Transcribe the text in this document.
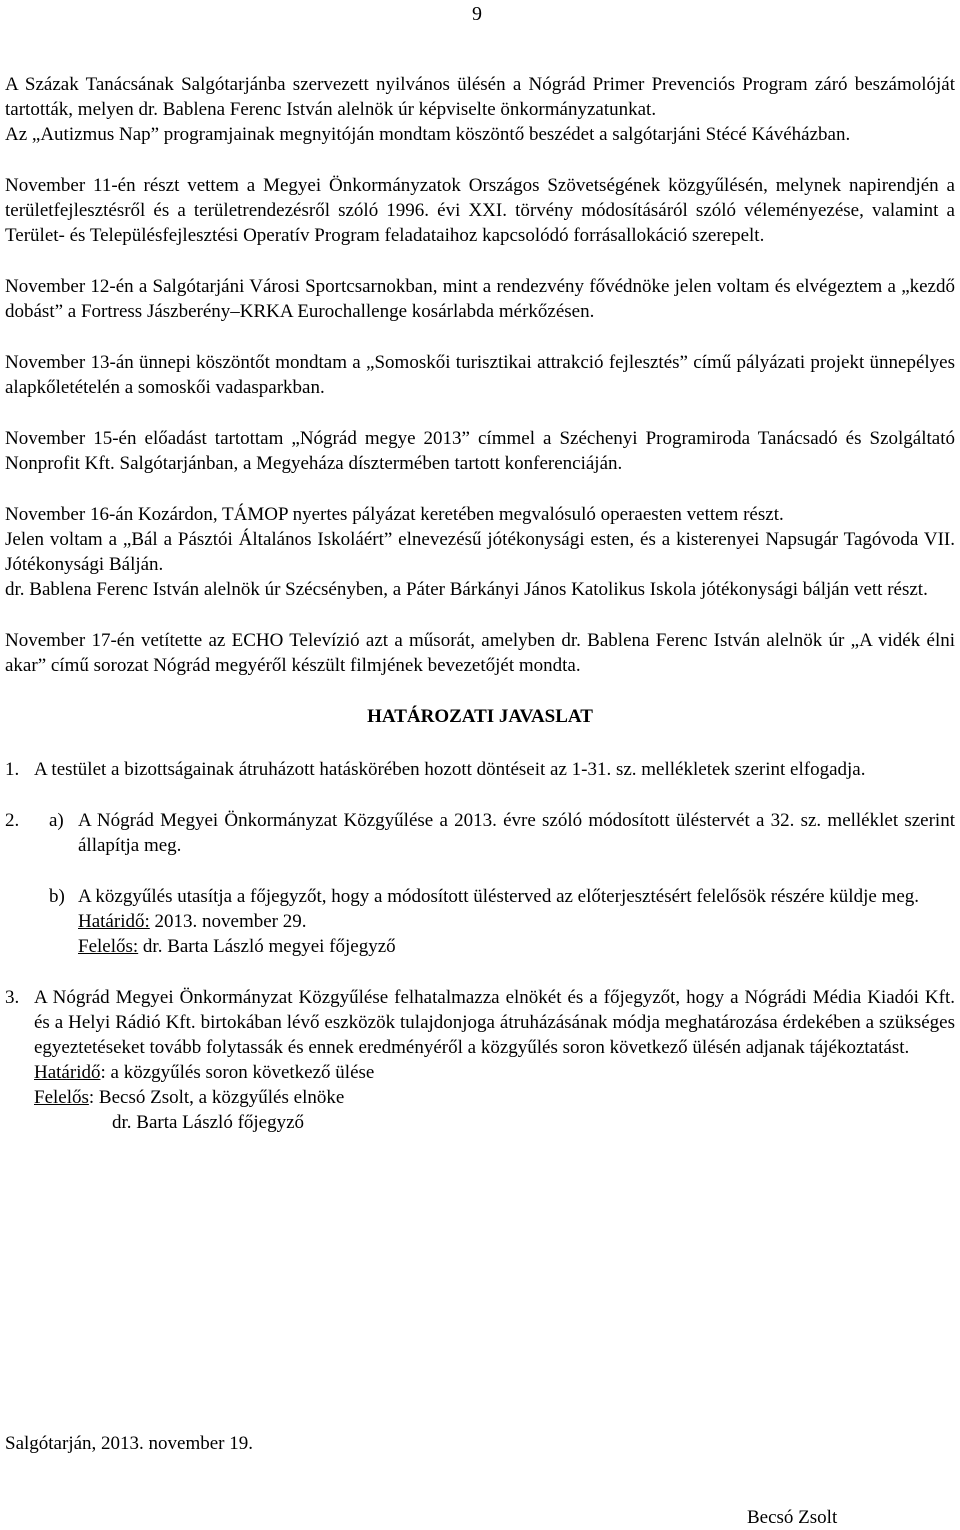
9

A Százak Tanácsának Salgótarjánba szervezett nyilvános ülésén a Nógrád Primer Prevenciós Program záró beszámolóját tartották, melyen dr. Bablena Ferenc István alelnök úr képviselte önkormányzatunkat.

Az „Autizmus Nap” programjainak megnyitóján mondtam köszöntő beszédet a salgótarjáni Stécé Kávéházban.

November 11-én részt vettem a Megyei Önkormányzatok Országos Szövetségének közgyűlésén, melynek napirendjén a területfejlesztésről és a területrendezésről szóló 1996. évi XXI. törvény módosításáról szóló véleményezése, valamint a Terület- és Településfejlesztési Operatív Program feladataihoz kapcsolódó forrásallokáció szerepelt.

November 12-én a Salgótarjáni Városi Sportcsarnokban, mint a rendezvény fővédnöke jelen voltam és elvégeztem a „kezdő dobást” a Fortress Jászberény–KRKA Eurochallenge kosárlabda mérkőzésen.

November 13-án ünnepi köszöntőt mondtam a „Somoskői turisztikai attrakció fejlesztés” című pályázati projekt ünnepélyes alapkőletételén a somoskői vadasparkban.

November 15-én előadást tartottam „Nógrád megye 2013” címmel a Széchenyi Programiroda Tanácsadó és Szolgáltató Nonprofit Kft. Salgótarjánban, a Megyeháza dísztermében tartott konferenciáján.

November 16-án Kozárdon, TÁMOP nyertes pályázat keretében megvalósuló operaesten vettem részt.

Jelen voltam a „Bál a Pásztói Általános Iskoláért” elnevezésű jótékonysági esten, és a kisterenyei Napsugár Tagóvoda VII. Jótékonysági Bálján.

dr. Bablena Ferenc István alelnök úr Szécsényben, a Páter Bárkányi János Katolikus Iskola jótékonysági bálján vett részt.

November 17-én vetítette az ECHO Televízió azt a műsorát, amelyben dr. Bablena Ferenc István alelnök úr „A vidék élni akar” című sorozat Nógrád megyéről készült filmjének bevezetőjét mondta.

HATÁROZATI JAVASLAT
1. A testület a bizottságainak átruházott hatáskörében hozott döntéseit az 1-31. sz. mellékletek szerint elfogadja.
2. a) A Nógrád Megyei Önkormányzat Közgyűlése a 2013. évre szóló módosított üléstervét a 32. sz. melléklet szerint állapítja meg.
b) A közgyűlés utasítja a főjegyzőt, hogy a módosított ülésterved az előterjesztésért felelősök részére küldje meg.
Határidő: 2013. november 29.
Felelős: dr. Barta László megyei főjegyző
3. A Nógrád Megyei Önkormányzat Közgyűlése felhatalmazza elnökét és a főjegyzőt, hogy a Nógrádi Média Kiadói Kft. és a Helyi Rádió Kft. birtokában lévő eszközök tulajdonjoga átruházásának módja meghatározása érdekében a szükséges egyeztetéseket tovább folytassák és ennek eredményéről a közgyűlés soron következő ülésén adjanak tájékoztatást.
Határidő: a közgyűlés soron következő ülése
Felelős: Becsó Zsolt, a közgyűlés elnöke
dr. Barta László főjegyző
Salgótarján, 2013. november 19.
Becsó Zsolt
